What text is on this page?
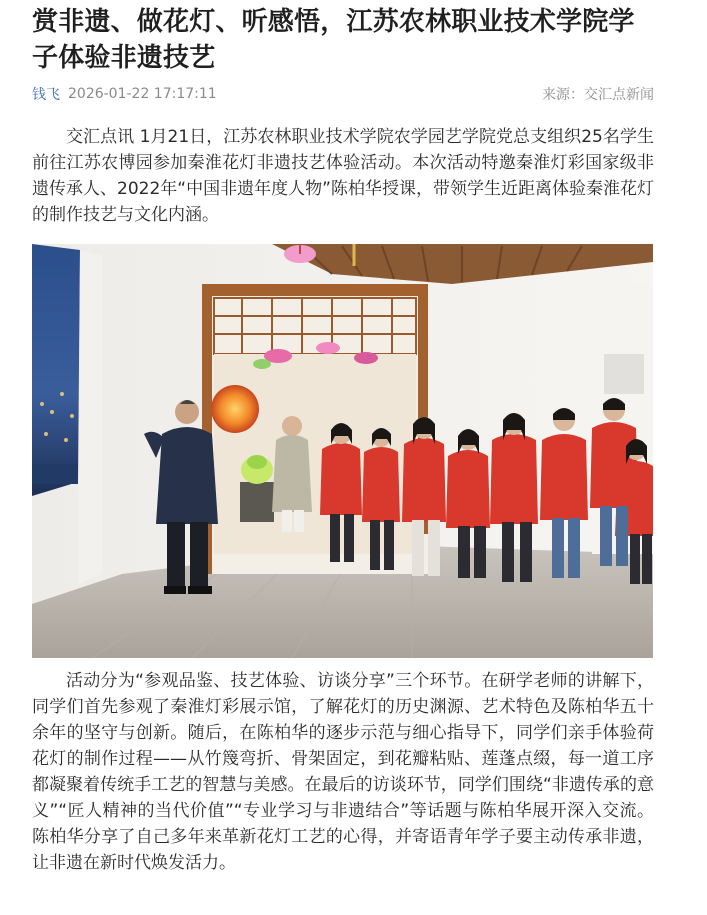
赏非遗、做花灯、听感悟，江苏农林职业技术学院学子体验非遗技艺
钱飞 2026-01-22 17:17:11	来源：交汇点新闻

交汇点讯 1月21日，江苏农林职业技术学院农学园艺学院党总支组织25名学生前往江苏农博园参加秦淮花灯非遗技艺体验活动。本次活动特邀秦淮灯彩国家级非遗传承人、2022年“中国非遗年度人物”陈柏华授课，带领学生近距离体验秦淮花灯的制作技艺与文化内涵。

活动分为“参观品鉴、技艺体验、访谈分享”三个环节。在研学老师的讲解下，同学们首先参观了秦淮灯彩展示馆，了解花灯的历史渊源、艺术特色及陈柏华五十余年的坚守与创新。随后，在陈柏华的逐步示范与细心指导下，同学们亲手体验荷花灯的制作过程——从竹篾弯折、骨架固定，到花瓣粘贴、莲蓬点缀，每一道工序都凝聚着传统手工艺的智慧与美感。在最后的访谈环节，同学们围绕“非遗传承的意义”“匠人精神的当代价值”“专业学习与非遗结合”等话题与陈柏华展开深入交流。陈柏华分享了自己多年来革新花灯工艺的心得，并寄语青年学子要主动传承非遗，让非遗在新时代焕发活力。
